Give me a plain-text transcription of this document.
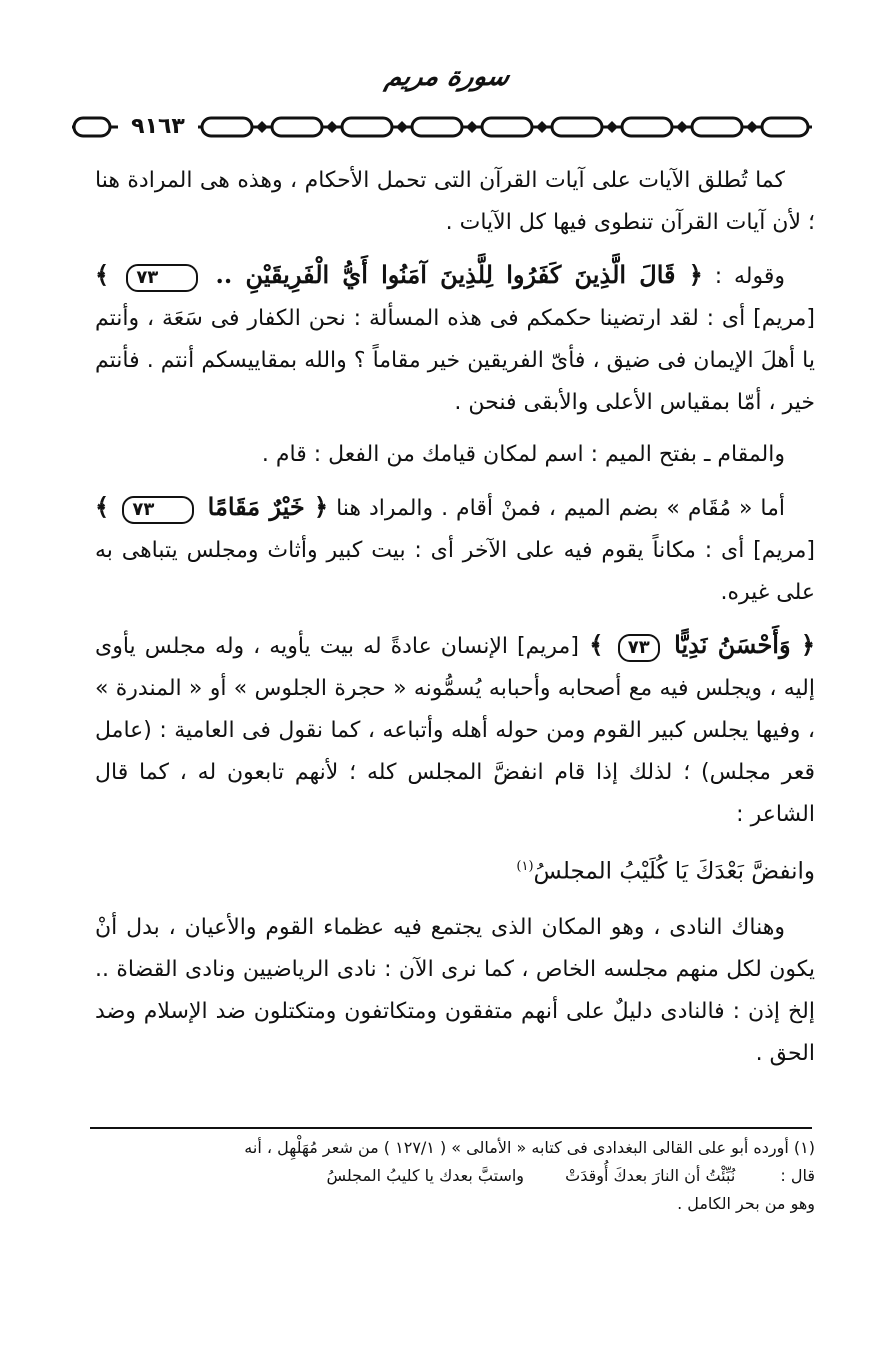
سورة مريم
٩١٦٣

كما تُطلق الآيات على آيات القرآن التى تحمل الأحكام ، وهذه هى المرادة هنا ؛ لأن آيات القرآن تنطوى فيها كل الآيات .

وقوله : ﴿ قَالَ الَّذِينَ كَفَرُوا لِلَّذِينَ آمَنُوا أَيُّ الْفَرِيقَيْنِ .. ٧٣ ﴾ [مريم] أى : لقد ارتضينا حكمكم فى هذه المسألة : نحن الكفار فى سَعَة ، وأنتم يا أهلَ الإيمان فى ضيق ، فأىّ الفريقين خير مقاماً ؟ والله بمقاييسكم أنتم . فأنتم خير ، أمّا بمقياس الأعلى والأبقى فنحن .

والمقام ـ بفتح الميم : اسم لمكان قيامك من الفعل : قام .

أما « مُقَام » بضم الميم ، فمنْ أقام . والمراد هنا ﴿ خَيْرٌ مَقَامًا ٧٣ ﴾ [مريم] أى : مكاناً يقوم فيه على الآخر أى : بيت كبير وأثاث ومجلس يتباهى به على غيره.

﴿ وَأَحْسَنُ نَدِيًّا ٧٣ ﴾ [مريم] الإنسان عادةً له بيت يأويه ، وله مجلس يأوى إليه ، ويجلس فيه مع أصحابه وأحبابه يُسمُّونه « حجرة الجلوس » أو « المندرة » ، وفيها يجلس كبير القوم ومن حوله أهله وأتباعه ، كما نقول فى العامية : (عامل قعر مجلس) ؛ لذلك إذا قام انفضَّ المجلس كله ؛ لأنهم تابعون له ، كما قال الشاعر :

وانفضَّ بَعْدَكَ يَا كُلَيْبُ المجلسُ$^{(١)}$

وهناك النادى ، وهو المكان الذى يجتمع فيه عظماء القوم والأعيان ، بدل أنْ يكون لكل منهم مجلسه الخاص ، كما نرى الآن : نادى الرياضيين ونادى القضاة .. إلخ إذن : فالنادى دليلٌ على أنهم متفقون ومتكاتفون ومتكتلون ضد الإسلام وضد الحق .

(١) أورده أبو على القالى البغدادى فى كتابه « الأمالى » ( ١٢٧/١ ) من شعر مُهَلْهِل ، أنه
قال : نُبِّئْتُ أن النارَ بعدكَ أُوقدَتْ واستبَّ بعدك يا كليبُ المجلسُ
وهو من بحر الكامل .
